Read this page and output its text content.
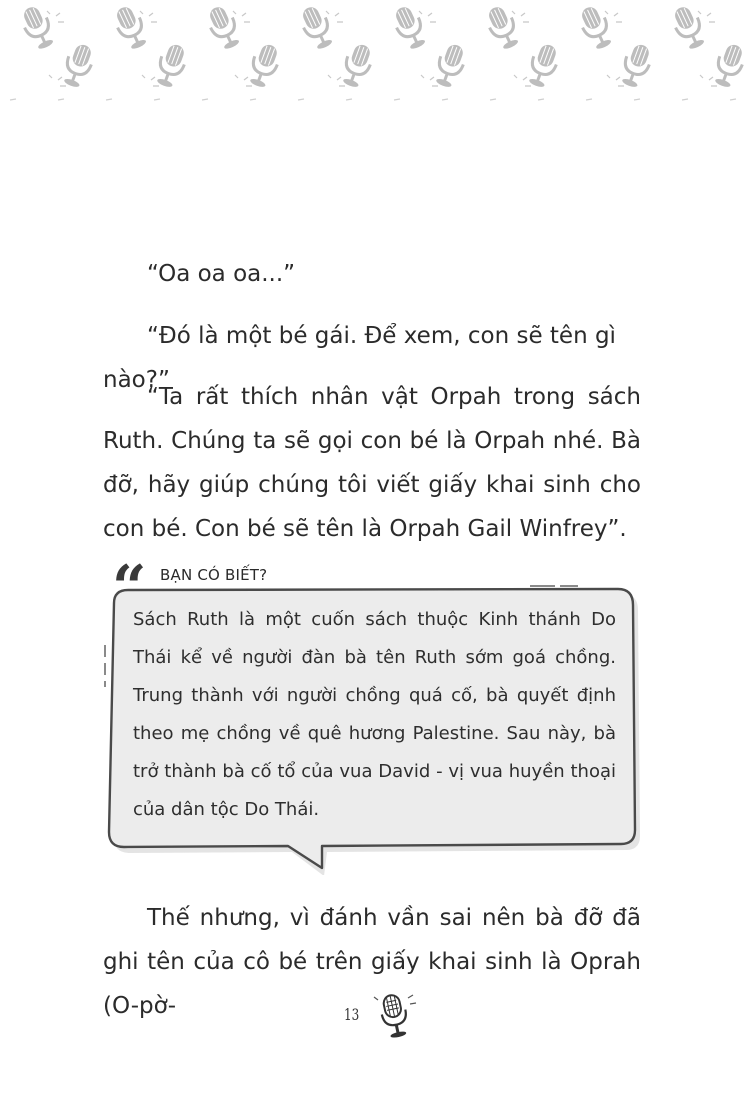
“Oa oa oa...”

“Đó là một bé gái. Để xem, con sẽ tên gì nào?”

“Ta rất thích nhân vật Orpah trong sách Ruth. Chúng ta sẽ gọi con bé là Orpah nhé. Bà đỡ, hãy giúp chúng tôi viết giấy khai sinh cho con bé. Con bé sẽ tên là Orpah Gail Winfrey”.

“ BẠN CÓ BIẾT?

Sách Ruth là một cuốn sách thuộc Kinh thánh Do Thái kể về người đàn bà tên Ruth sớm goá chồng. Trung thành với người chồng quá cố, bà quyết định theo mẹ chồng về quê hương Palestine. Sau này, bà trở thành bà cố tổ của vua David - vị vua huyền thoại của dân tộc Do Thái.

Thế nhưng, vì đánh vần sai nên bà đỡ đã ghi tên của cô bé trên giấy khai sinh là Oprah (O-pờ-	13
